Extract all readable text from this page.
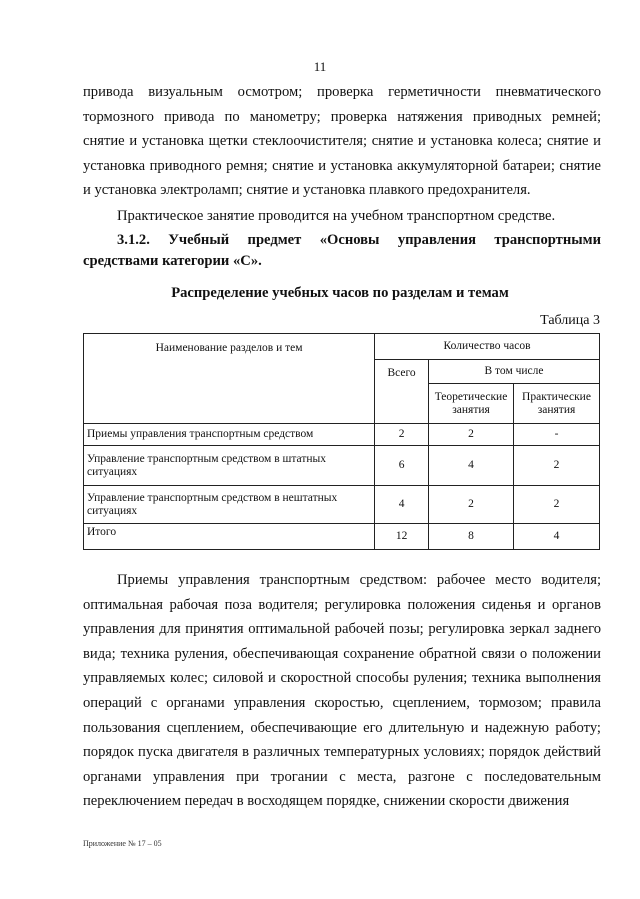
11
привода визуальным осмотром; проверка герметичности пневматического тормозного привода по манометру; проверка натяжения приводных ремней; снятие и установка щетки стеклоочистителя; снятие и установка колеса; снятие и установка приводного ремня; снятие и установка аккумуляторной батареи; снятие и установка электроламп; снятие и установка плавкого предохранителя.
Практическое занятие проводится на учебном транспортном средстве.
3.1.2. Учебный предмет «Основы управления транспортными средствами категории «С».
Распределение учебных часов по разделам и темам
Таблица 3
Наименование разделов и тем	Количество часов		
	Всего	В том числе	
		Теоретические занятия	Практические занятия
Приемы управления транспортным средством	2	2	-
Управление транспортным средством в штатных ситуациях	6	4	2
Управление транспортным средством в нештатных ситуациях	4	2	2
Итого	12	8	4
Приемы управления транспортным средством: рабочее место водителя; оптимальная рабочая поза водителя; регулировка положения сиденья и органов управления для принятия оптимальной рабочей позы; регулировка зеркал заднего вида; техника руления, обеспечивающая сохранение обратной связи о положении управляемых колес; силовой и скоростной способы руления; техника выполнения операций с органами управления скоростью, сцеплением, тормозом; правила пользования сцеплением, обеспечивающие его длительную и надежную работу; порядок пуска двигателя в различных температурных условиях; порядок действий органами управления при трогании с места, разгоне с последовательным переключением передач в восходящем порядке, снижении скорости движения
Приложение № 17 – 05
